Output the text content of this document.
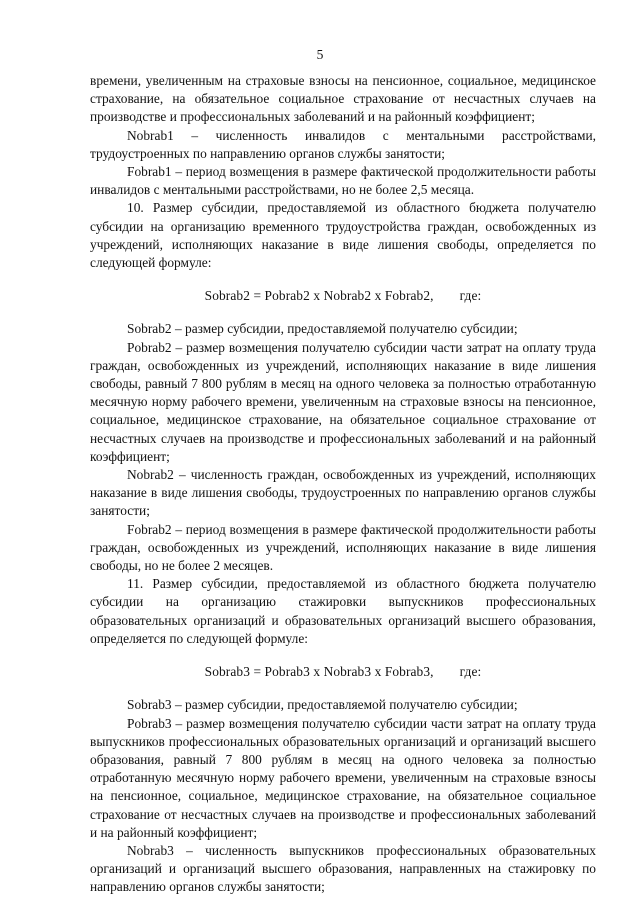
5

времени, увеличенным на страховые взносы на пенсионное, социальное, медицинское страхование, на обязательное социальное страхование от несчастных случаев на производстве и профессиональных заболеваний и на районный коэффициент;

Nobrab1 – численность инвалидов с ментальными расстройствами, трудоустроенных по направлению органов службы занятости;

Fobrab1 – период возмещения в размере фактической продолжительности работы инвалидов с ментальными расстройствами, но не более 2,5 месяца.

10. Размер субсидии, предоставляемой из областного бюджета получателю субсидии на организацию временного трудоустройства граждан, освобожденных из учреждений, исполняющих наказание в виде лишения свободы, определяется по следующей формуле:

Sobrab2 = Pobrab2 x Nobrab2 x Fobrab2, где:

Sobrab2 – размер субсидии, предоставляемой получателю субсидии;

Pobrab2 – размер возмещения получателю субсидии части затрат на оплату труда граждан, освобожденных из учреждений, исполняющих наказание в виде лишения свободы, равный 7 800 рублям в месяц на одного человека за полностью отработанную месячную норму рабочего времени, увеличенным на страховые взносы на пенсионное, социальное, медицинское страхование, на обязательное социальное страхование от несчастных случаев на производстве и профессиональных заболеваний и на районный коэффициент;

Nobrab2 – численность граждан, освобожденных из учреждений, исполняющих наказание в виде лишения свободы, трудоустроенных по направлению органов службы занятости;

Fobrab2 – период возмещения в размере фактической продолжительности работы граждан, освобожденных из учреждений, исполняющих наказание в виде лишения свободы, но не более 2 месяцев.

11. Размер субсидии, предоставляемой из областного бюджета получателю субсидии на организацию стажировки выпускников профессиональных образовательных организаций и образовательных организаций высшего образования, определяется по следующей формуле:

Sobrab3 = Pobrab3 x Nobrab3 x Fobrab3, где:

Sobrab3 – размер субсидии, предоставляемой получателю субсидии;

Pobrab3 – размер возмещения получателю субсидии части затрат на оплату труда выпускников профессиональных образовательных организаций и организаций высшего образования, равный 7 800 рублям в месяц на одного человека за полностью отработанную месячную норму рабочего времени, увеличенным на страховые взносы на пенсионное, социальное, медицинское страхование, на обязательное социальное страхование от несчастных случаев на производстве и профессиональных заболеваний и на районный коэффициент;

Nobrab3 – численность выпускников профессиональных образовательных организаций и организаций высшего образования, направленных на стажировку по направлению органов службы занятости;
